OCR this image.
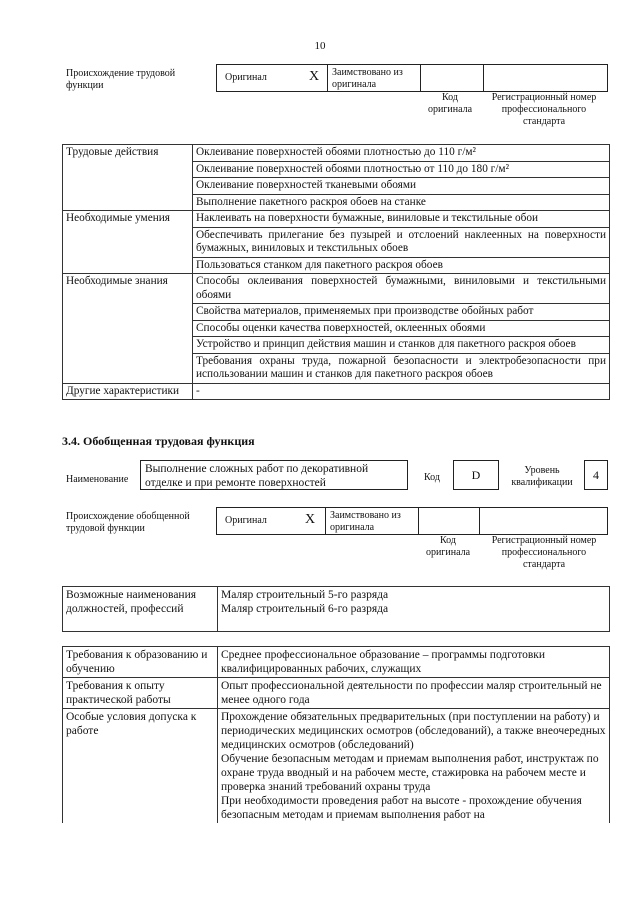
10
Происхождение трудовой функции
Оригинал	X Заимствовано из оригинала
Код оригинала
Регистрационный номер профессионального стандарта
Трудовые действия	Оклеивание поверхностей обоями плотностью до 110 г/м²
	Оклеивание поверхностей обоями плотностью от 110 до 180 г/м²
	Оклеивание поверхностей тканевыми обоями
	Выполнение пакетного раскроя обоев на станке
Необходимые умения	Наклеивать на поверхности бумажные, виниловые и текстильные обои
	Обеспечивать прилегание без пузырей и отслоений наклеенных на поверхности бумажных, виниловых и текстильных обоев
	Пользоваться станком для пакетного раскроя обоев
Необходимые знания	Способы оклеивания поверхностей бумажными, виниловыми и текстильными обоями
	Свойства материалов, применяемых при производстве обойных работ
	Способы оценки качества поверхностей, оклеенных обоями
	Устройство и принцип действия машин и станков для пакетного раскроя обоев
	Требования охраны труда, пожарной безопасности и электробезопасности при использовании машин и станков для пакетного раскроя обоев
Другие характеристики	-
3.4. Обобщенная трудовая функция
Наименование
Выполнение сложных работ по декоративной отделке и при ремонте поверхностей	Код	D	Уровень квалификации
4
Происхождение обобщенной трудовой функции
Оригинал	X Заимствовано из оригинала
Код оригинала
Регистрационный номер профессионального стандарта
Возможные наименования должностей, профессий	
Маляр строительный 5-го разряда
Маляр строительный 6-го разряда
Требования к образованию и обучению	Среднее профессиональное образование – программы подготовки квалифицированных рабочих, служащих
Требования к опыту практической работы	Опыт профессиональной деятельности по профессии маляр строительный не менее одного года
Особые условия допуска к работе	Прохождение обязательных предварительных (при поступлении на работу) и периодических медицинских осмотров (обследований), а также внеочередных медицинских осмотров (обследований)
Обучение безопасным методам и приемам выполнения работ, инструктаж по охране труда вводный и на рабочем месте, стажировка на рабочем месте и проверка знаний требований охраны труда
При необходимости проведения работ на высоте - прохождение обучения безопасным методам и приемам выполнения работ на
